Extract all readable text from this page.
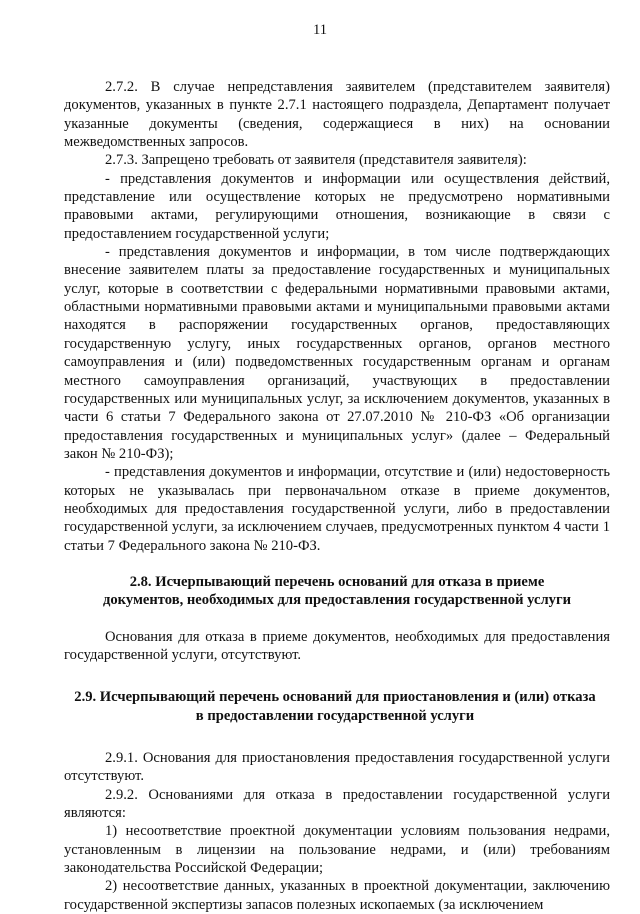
11

2.7.2. В случае непредставления заявителем (представителем заявителя) документов, указанных в пункте 2.7.1 настоящего подраздела, Департамент получает указанные документы (сведения, содержащиеся в них) на основании межведомственных запросов.

2.7.3. Запрещено требовать от заявителя (представителя заявителя):

- представления документов и информации или осуществления действий, представление или осуществление которых не предусмотрено нормативными правовыми актами, регулирующими отношения, возникающие в связи с предоставлением государственной услуги;

- представления документов и информации, в том числе подтверждающих внесение заявителем платы за предоставление государственных и муниципальных услуг, которые в соответствии с федеральными нормативными правовыми актами, областными нормативными правовыми актами и муниципальными правовыми актами находятся в распоряжении государственных органов, предоставляющих государственную услугу, иных государственных органов, органов местного самоуправления и (или) подведомственных государственным органам и органам местного самоуправления организаций, участвующих в предоставлении государственных или муниципальных услуг, за исключением документов, указанных в части 6 статьи 7 Федерального закона от 27.07.2010 № 210-ФЗ «Об организации предоставления государственных и муниципальных услуг» (далее – Федеральный закон № 210-ФЗ);

- представления документов и информации, отсутствие и (или) недостоверность которых не указывалась при первоначальном отказе в приеме документов, необходимых для предоставления государственной услуги, либо в предоставлении государственной услуги, за исключением случаев, предусмотренных пунктом 4 части 1 статьи 7 Федерального закона № 210-ФЗ.

2.8. Исчерпывающий перечень оснований для отказа в приеме
документов, необходимых для предоставления государственной услуги

Основания для отказа в приеме документов, необходимых для предоставления государственной услуги, отсутствуют.

2.9. Исчерпывающий перечень оснований для приостановления и (или) отказа
в предоставлении государственной услуги

2.9.1. Основания для приостановления предоставления государственной услуги отсутствуют.

2.9.2. Основаниями для отказа в предоставлении государственной услуги являются:

1) несоответствие проектной документации условиям пользования недрами, установленным в лицензии на пользование недрами, и (или) требованиям законодательства Российской Федерации;

2) несоответствие данных, указанных в проектной документации, заключению государственной экспертизы запасов полезных ископаемых (за исключением
